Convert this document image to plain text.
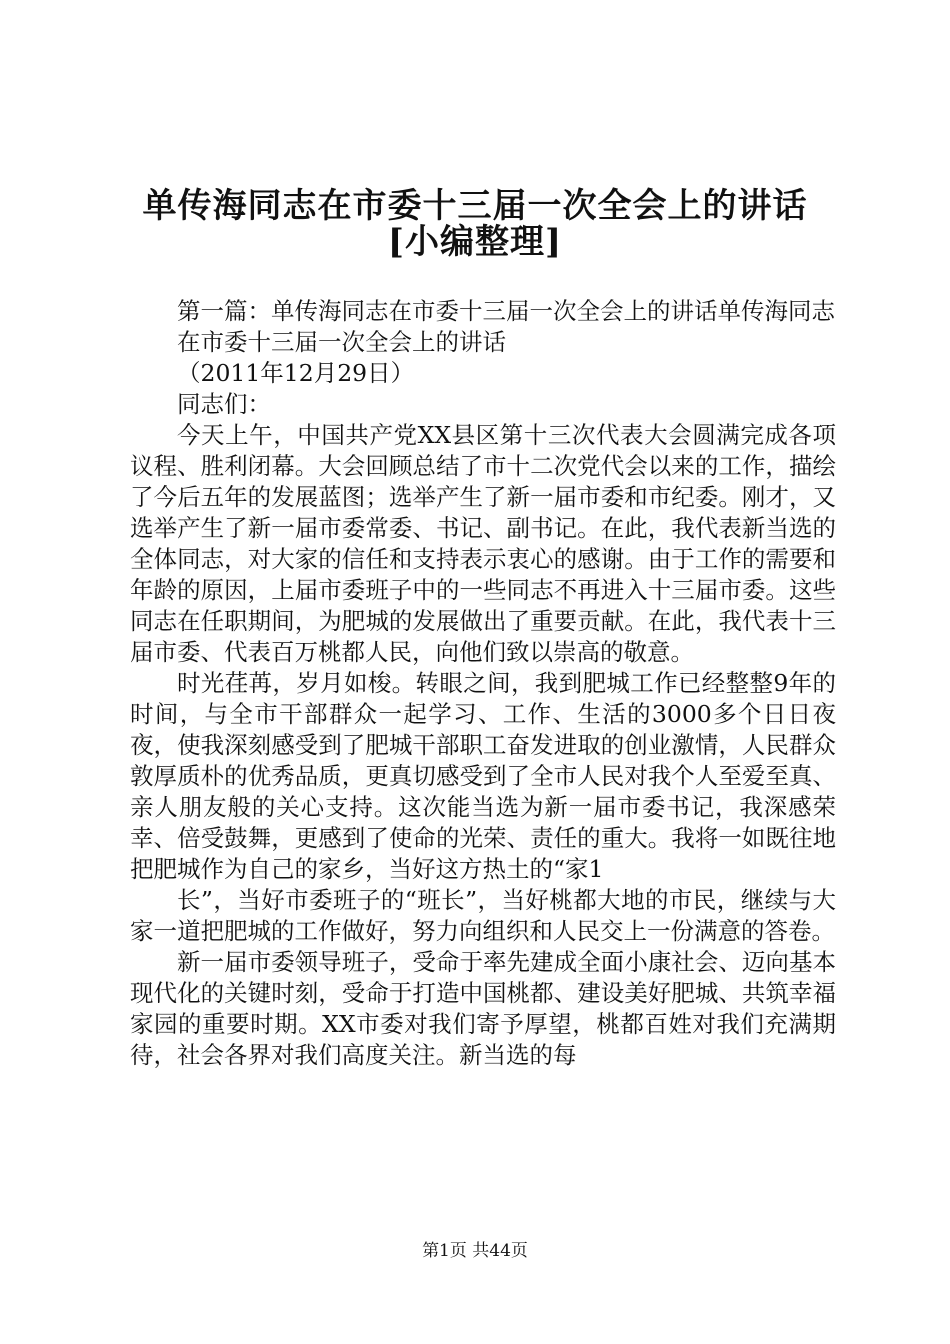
单传海同志在市委十三届一次全会上的讲话
[小编整理]

第一篇：单传海同志在市委十三届一次全会上的讲话单传海同志

在市委十三届一次全会上的讲话

（2011年12月29日）

同志们：

今天上午，中国共产党XX县区第十三次代表大会圆满完成各项议程、胜利闭幕。大会回顾总结了市十二次党代会以来的工作，描绘了今后五年的发展蓝图；选举产生了新一届市委和市纪委。刚才，又选举产生了新一届市委常委、书记、副书记。在此，我代表新当选的全体同志，对大家的信任和支持表示衷心的感谢。由于工作的需要和年龄的原因，上届市委班子中的一些同志不再进入十三届市委。这些同志在任职期间，为肥城的发展做出了重要贡献。在此，我代表十三届市委、代表百万桃都人民，向他们致以崇高的敬意。

时光荏苒，岁月如梭。转眼之间，我到肥城工作已经整整9年的时间，与全市干部群众一起学习、工作、生活的3000多个日日夜夜，使我深刻感受到了肥城干部职工奋发进取的创业激情，人民群众敦厚质朴的优秀品质，更真切感受到了全市人民对我个人至爱至真、亲人朋友般的关心支持。这次能当选为新一届市委书记，我深感荣幸、倍受鼓舞，更感到了使命的光荣、责任的重大。我将一如既往地把肥城作为自己的家乡，当好这方热土的“家1

长”，当好市委班子的“班长”，当好桃都大地的市民，继续与大家一道把肥城的工作做好，努力向组织和人民交上一份满意的答卷。

新一届市委领导班子，受命于率先建成全面小康社会、迈向基本现代化的关键时刻，受命于打造中国桃都、建设美好肥城、共筑幸福家园的重要时期。XX市委对我们寄予厚望，桃都百姓对我们充满期待，社会各界对我们高度关注。新当选的每

第1页 共44页
